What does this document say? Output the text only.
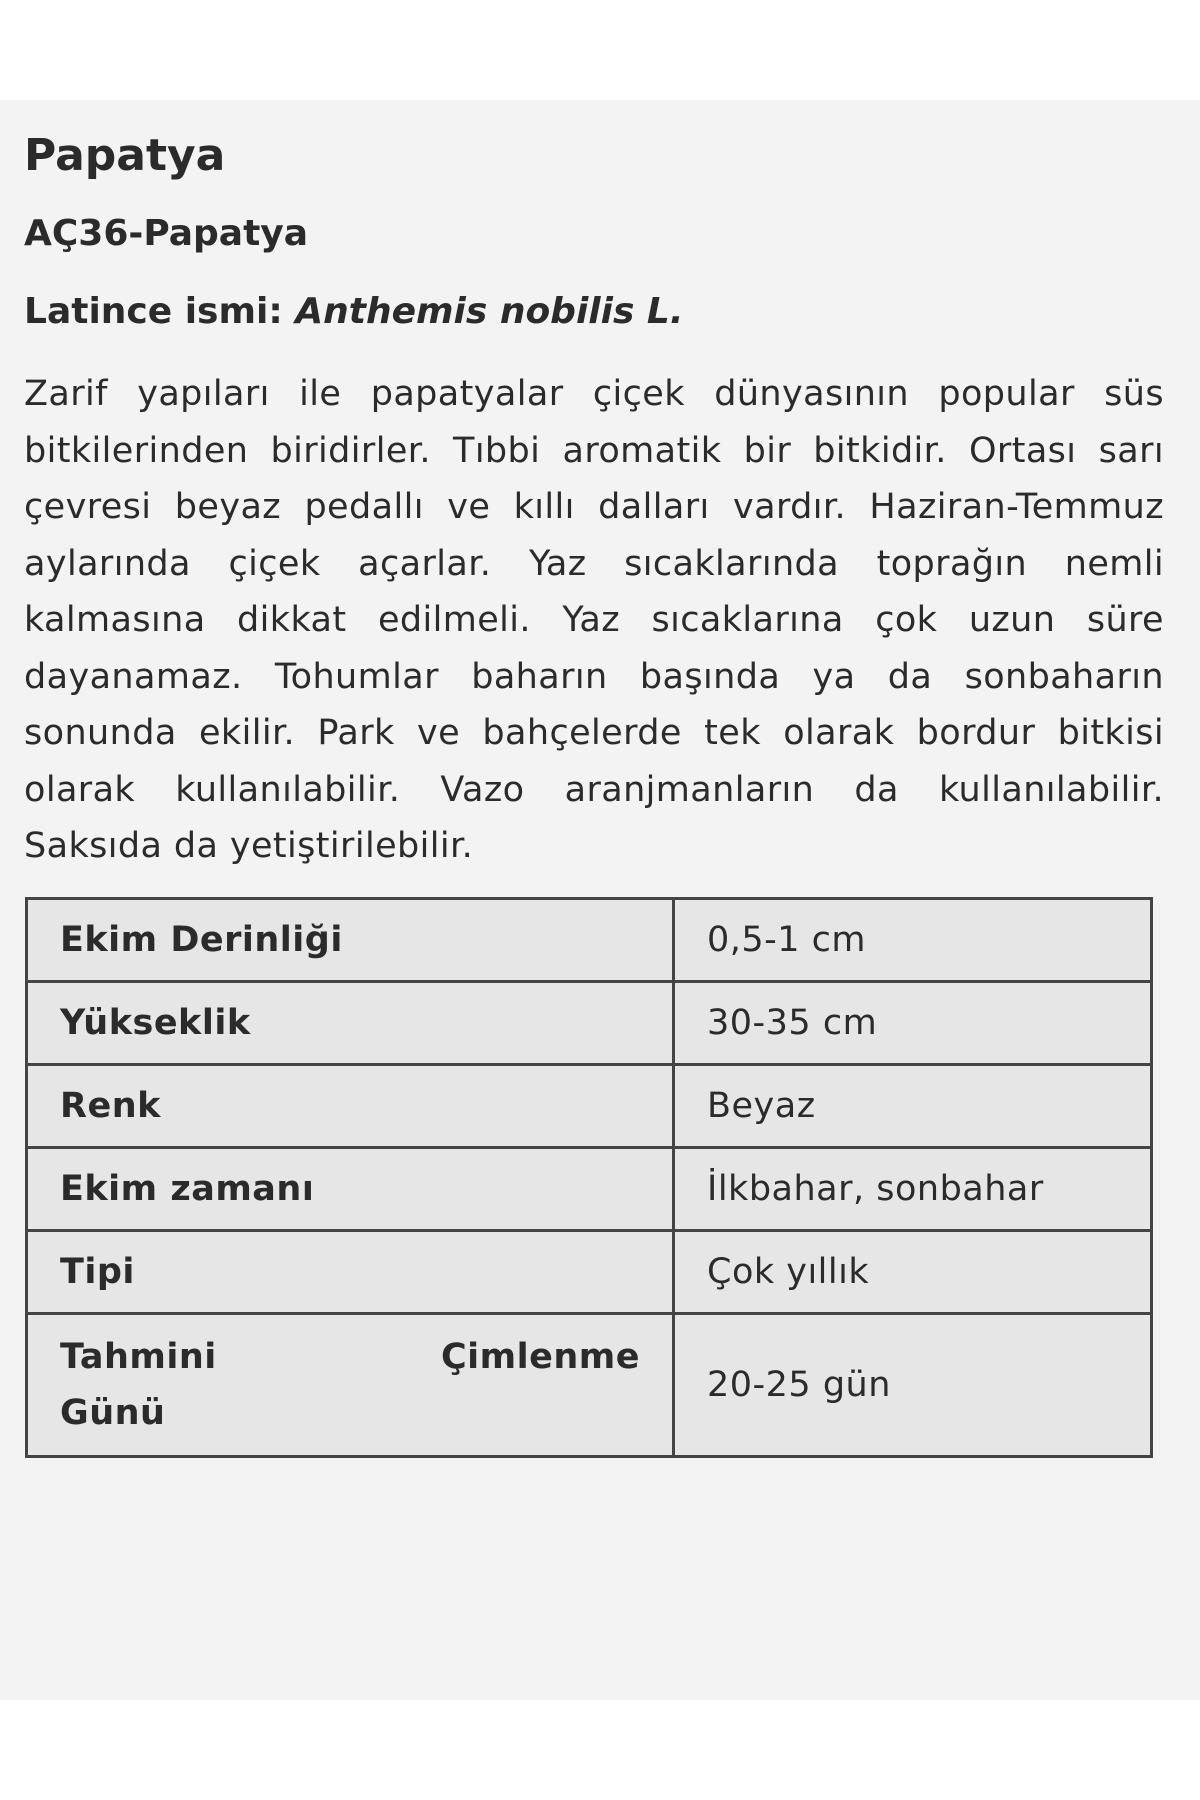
Papatya
AÇ36-Papatya
Latince ismi: Anthemis nobilis L.
Zarif yapıları ile papatyalar çiçek dünyasının popular süs bitkilerinden biridirler. Tıbbi aromatik bir bitkidir. Ortası sarı çevresi beyaz pedallı ve kıllı dalları vardır. Haziran-Temmuz aylarında çiçek açarlar. Yaz sıcaklarında toprağın nemli kalmasına dikkat edilmeli. Yaz sıcaklarına çok uzun süre dayanamaz. Tohumlar baharın başında ya da sonbaharın sonunda ekilir. Park ve bahçelerde tek olarak bordur bitkisi olarak kullanılabilir. Vazo aranjmanların da kullanılabilir. Saksıda da yetiştirilebilir.
Ekim Derinliği	0,5-1 cm
Yükseklik	30-35 cm
Renk	Beyaz
Ekim zamanı	İlkbahar, sonbahar
Tipi	Çok yıllık

Tahmini Çimlenme
Günü	20-25 gün
